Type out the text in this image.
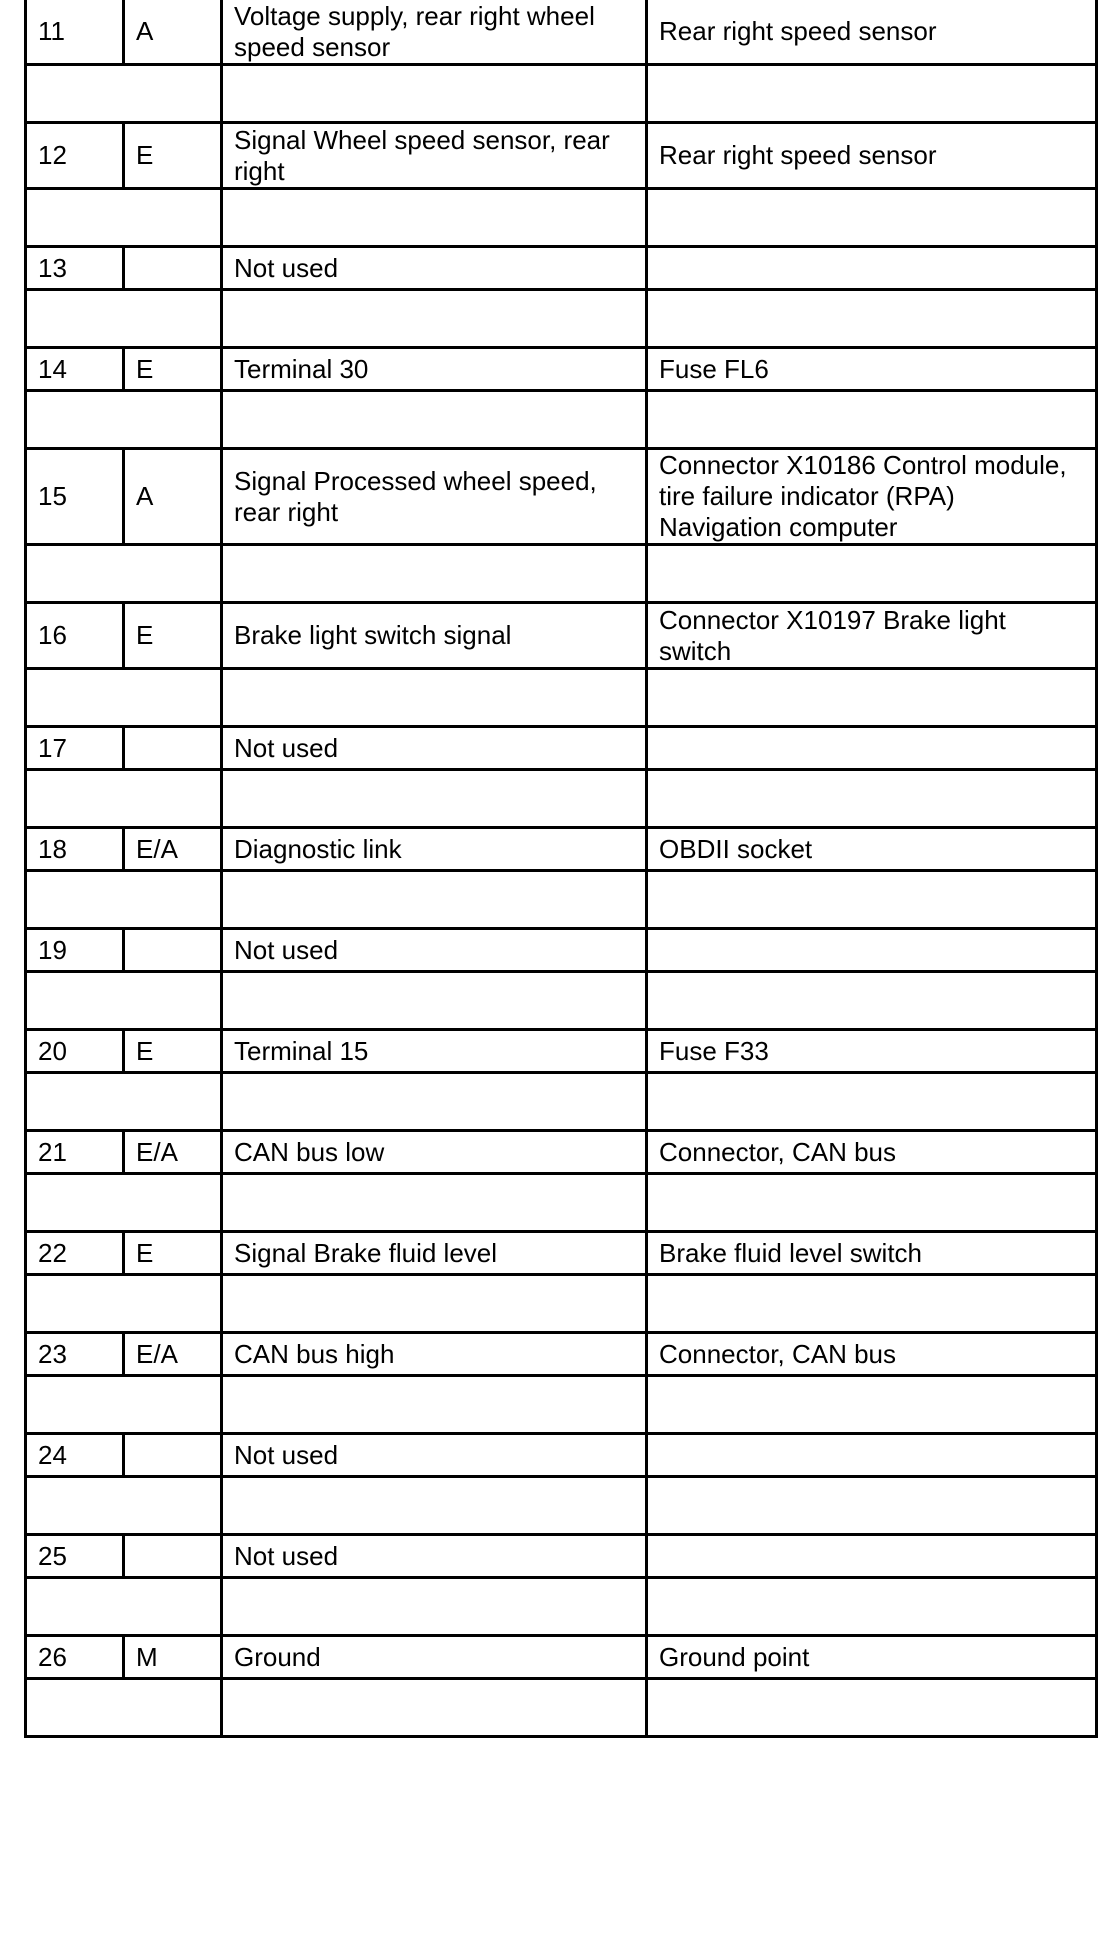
11	A	Voltage supply, rear right wheel speed sensor	Rear right speed sensor

12	E	Signal Wheel speed sensor, rear right	Rear right speed sensor

13		Not used	

14	E	Terminal 30	Fuse FL6

15	A	Signal Processed wheel speed, rear right	Connector X10186 Control module, tire failure indicator (RPA) Navigation computer

16	E	Brake light switch signal	Connector X10197 Brake light switch

17		Not used	

18	E/A	Diagnostic link	OBDII socket

19		Not used	

20	E	Terminal 15	Fuse F33

21	E/A	CAN bus low	Connector, CAN bus

22	E	Signal Brake fluid level	Brake fluid level switch

23	E/A	CAN bus high	Connector, CAN bus

24		Not used	

25		Not used	

26	M	Ground	Ground point
